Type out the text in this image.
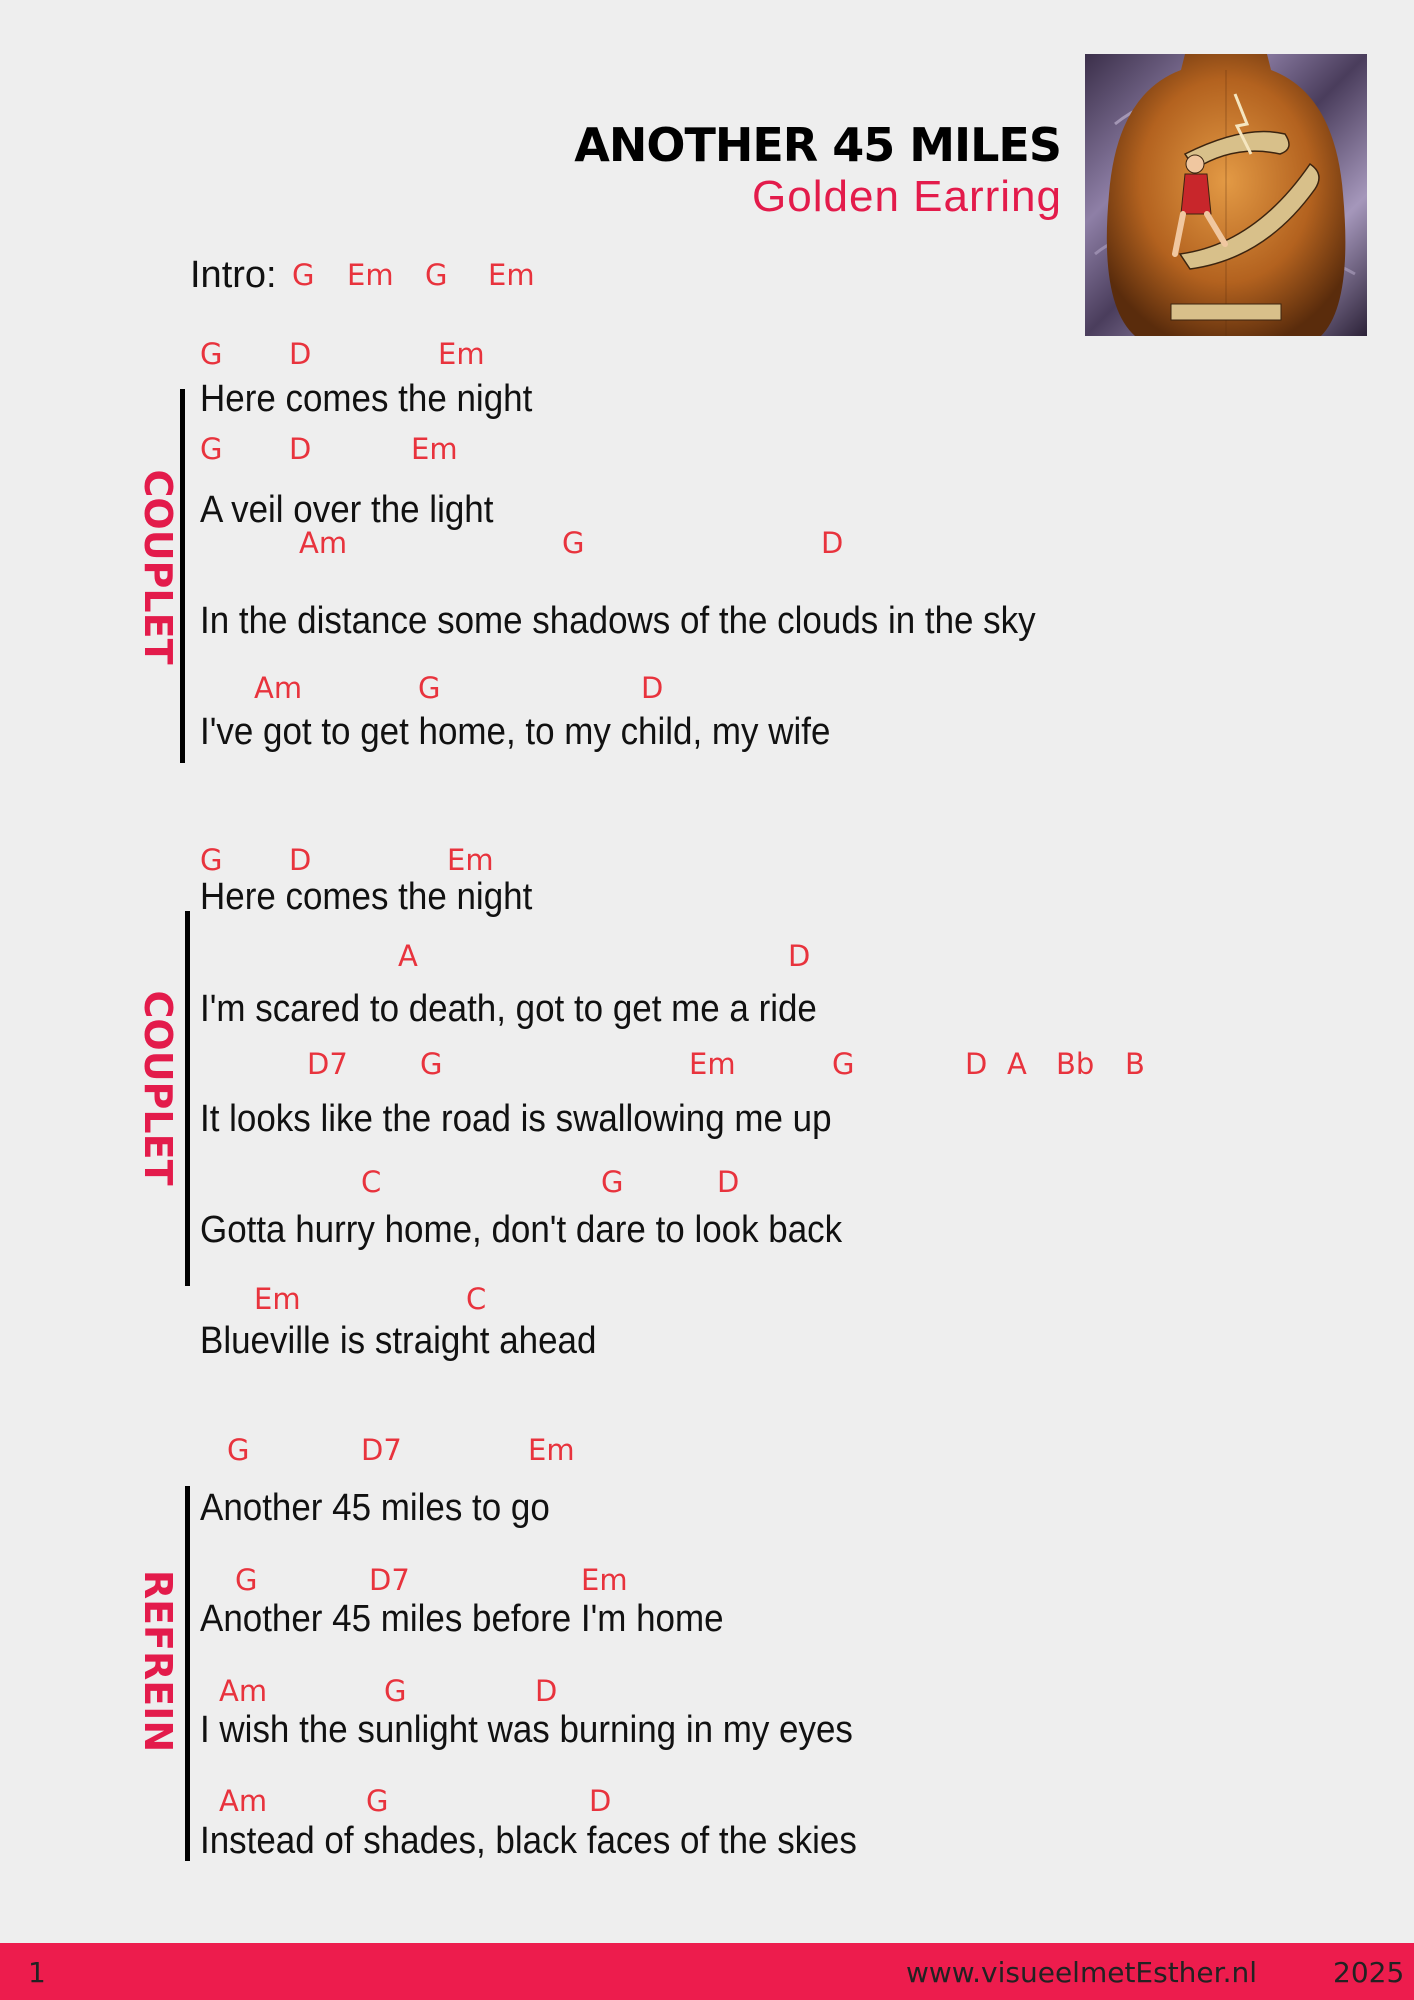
ANOTHER 45 MILES
Golden Earring
Intro: G Em G Em
COUPLET
COUPLET
REFREIN
G D	Em
Here comes the night
G D	Em
A veil over the light
Am	G	D
In the distance some shadows of the clouds in the sky
Am	G	D
I've got to get home, to my child, my wife
G D	Em
Here comes the night
A	D
I'm scared to death, got to get me a ride
D7 G	Em	G	D A Bb B
It looks like the road is swallowing me up
C	G	D
Gotta hurry home, don't dare to look back
Em	C
Blueville is straight ahead
G	D7	Em
Another 45 miles to go
G	D7	Em
Another 45 miles before I'm home
Am	G	D
I wish the sunlight was burning in my eyes
Am	G	D
Instead of shades, black faces of the skies
1	www.visueelmetEsther.nl	2025
